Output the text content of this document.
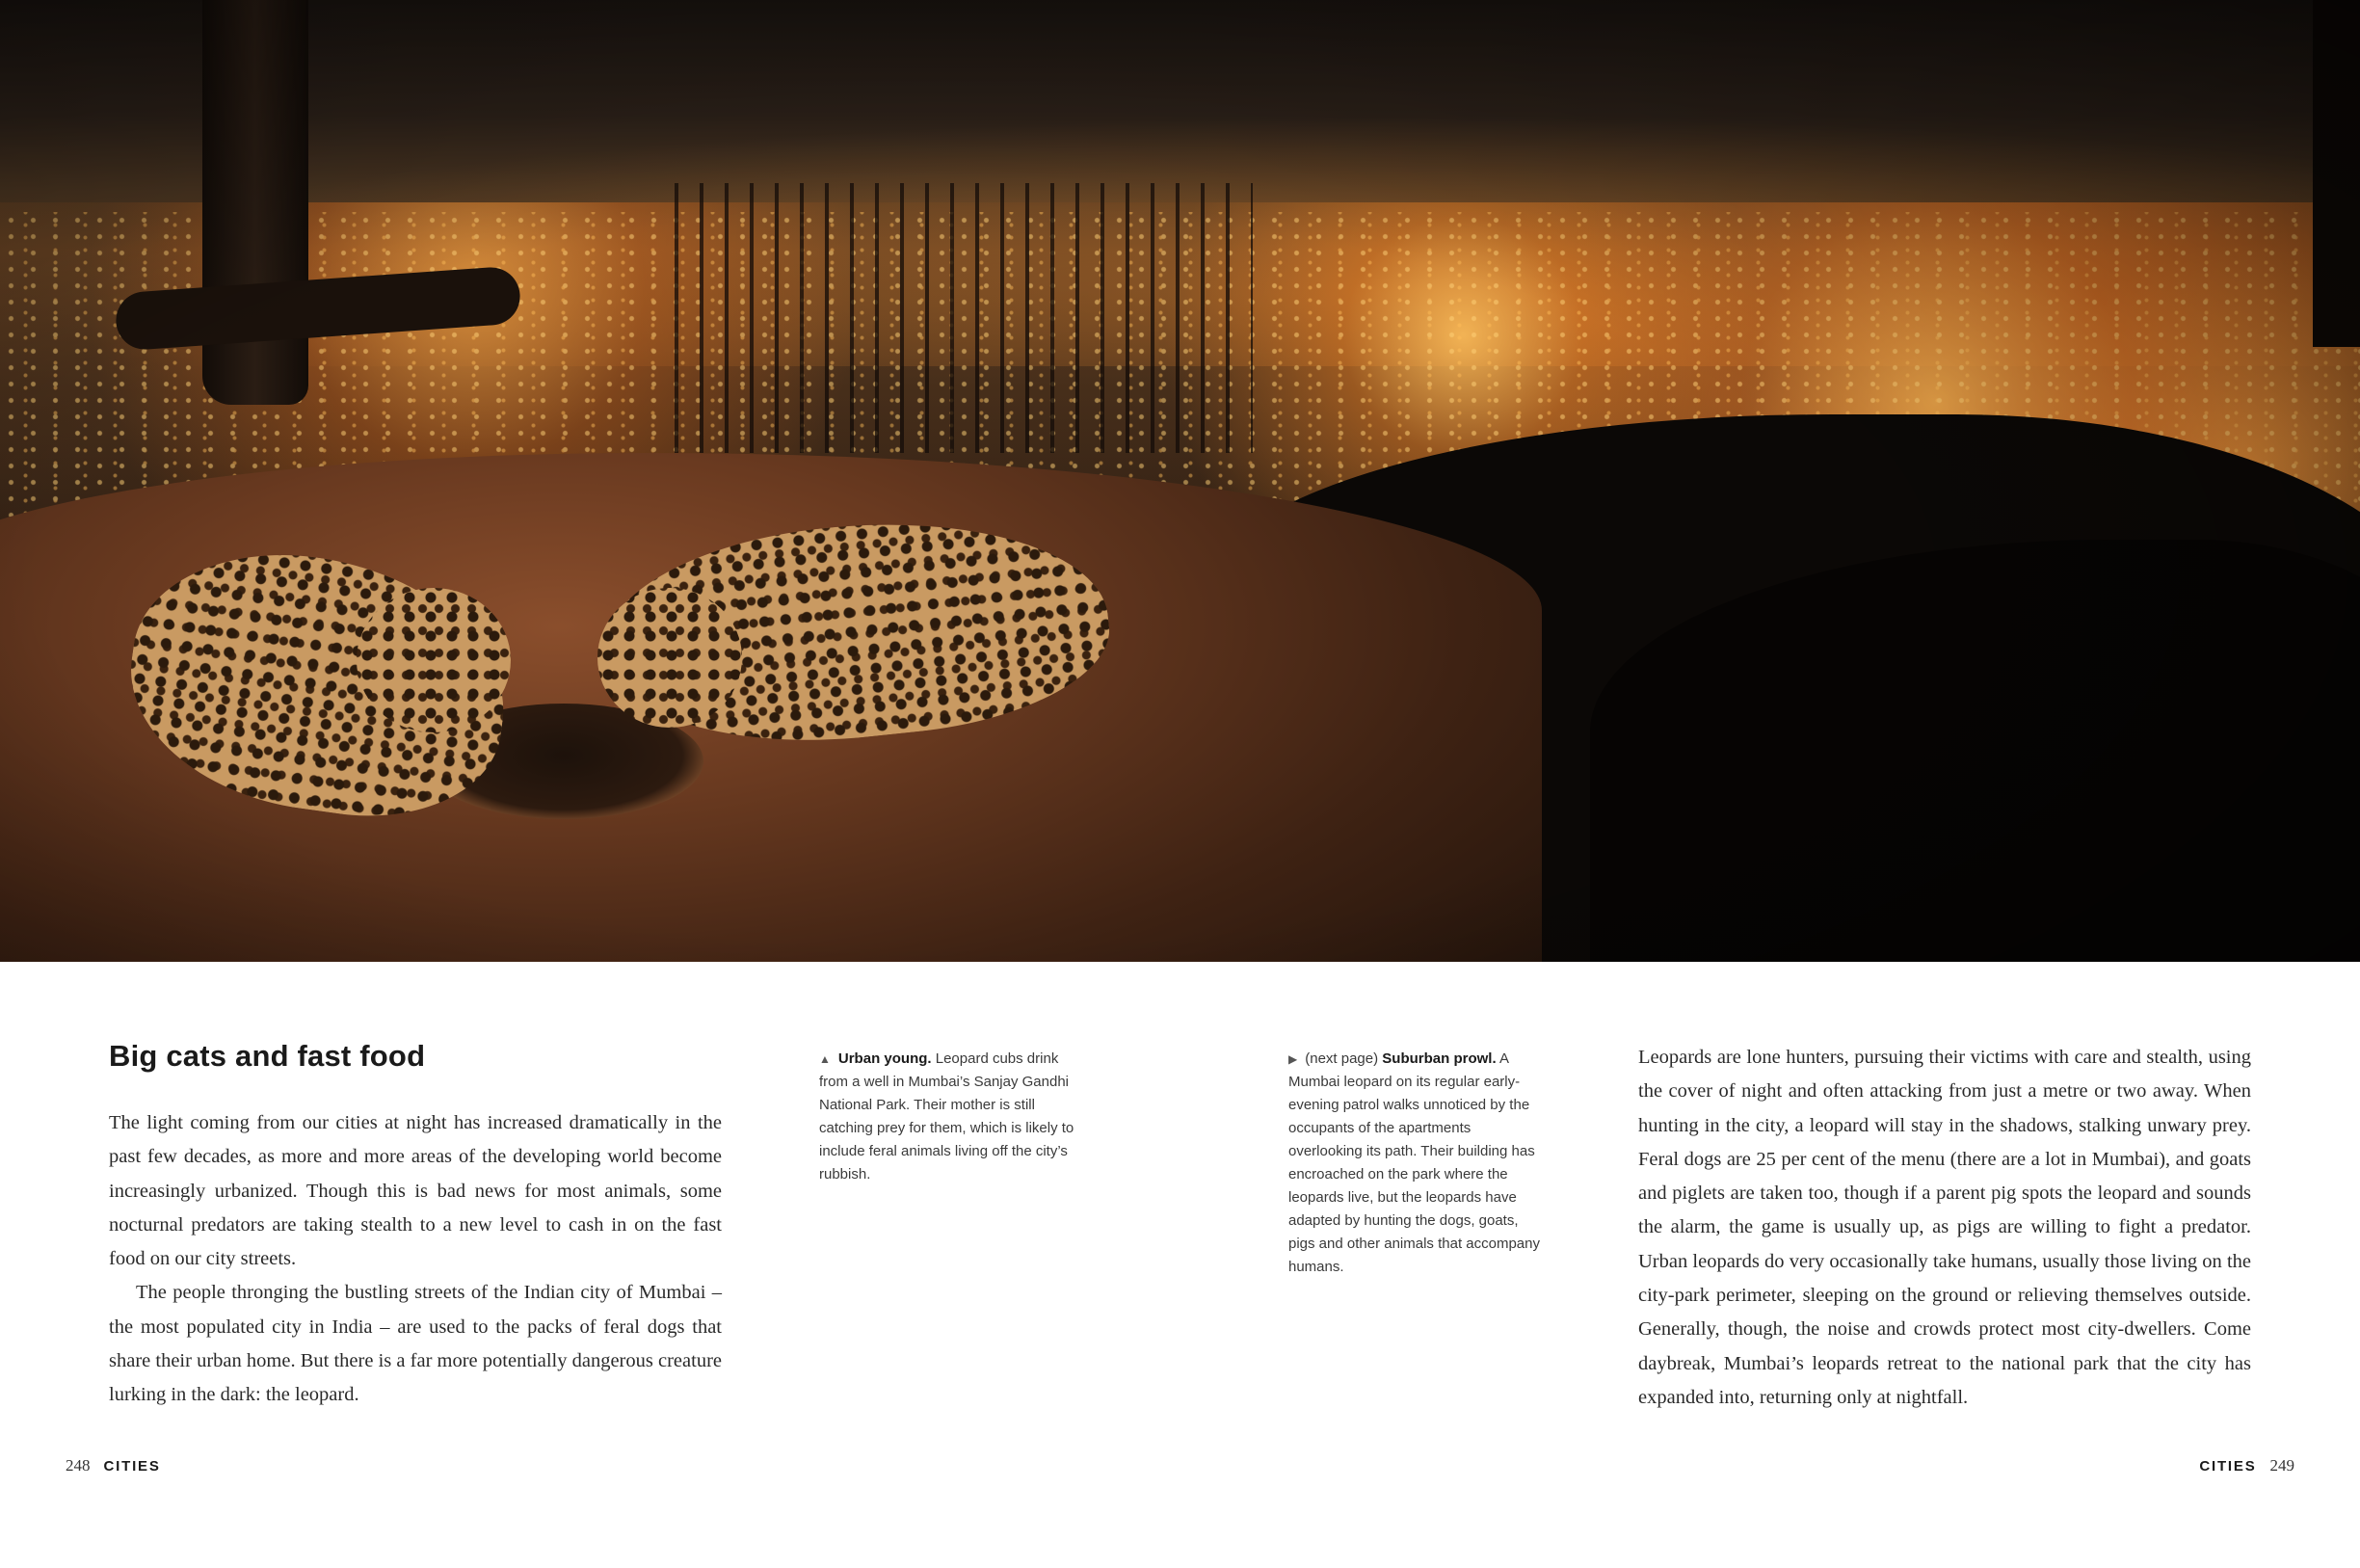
Big cats and fast food

The light coming from our cities at night has increased dramatically in the past few decades, as more and more areas of the developing world become increasingly urbanized. Though this is bad news for most animals, some nocturnal predators are taking stealth to a new level to cash in on the fast food on our city streets.

The people thronging the bustling streets of the Indian city of Mumbai – the most populated city in India – are used to the packs of feral dogs that share their urban home. But there is a far more potentially dangerous creature lurking in the dark: the leopard.

▲ Urban young. Leopard cubs drink from a well in Mumbai’s Sanjay Gandhi National Park. Their mother is still catching prey for them, which is likely to include feral animals living off the city’s rubbish.
▶ (next page) Suburban prowl. A Mumbai leopard on its regular early-evening patrol walks unnoticed by the occupants of the apartments overlooking its path. Their building has encroached on the park where the leopards live, but the leopards have adapted by hunting the dogs, goats, pigs and other animals that accompany humans.

Leopards are lone hunters, pursuing their victims with care and stealth, using the cover of night and often attacking from just a metre or two away. When hunting in the city, a leopard will stay in the shadows, stalking unwary prey. Feral dogs are 25 per cent of the menu (there are a lot in Mumbai), and goats and piglets are taken too, though if a parent pig spots the leopard and sounds the alarm, the game is usually up, as pigs are willing to fight a predator. Urban leopards do very occasionally take humans, usually those living on the city-park perimeter, sleeping on the ground or relieving themselves outside. Generally, though, the noise and crowds protect most city-dwellers. Come daybreak, Mumbai’s leopards retreat to the national park that the city has expanded into, returning only at nightfall.

248 CITIES	CITIES 249
